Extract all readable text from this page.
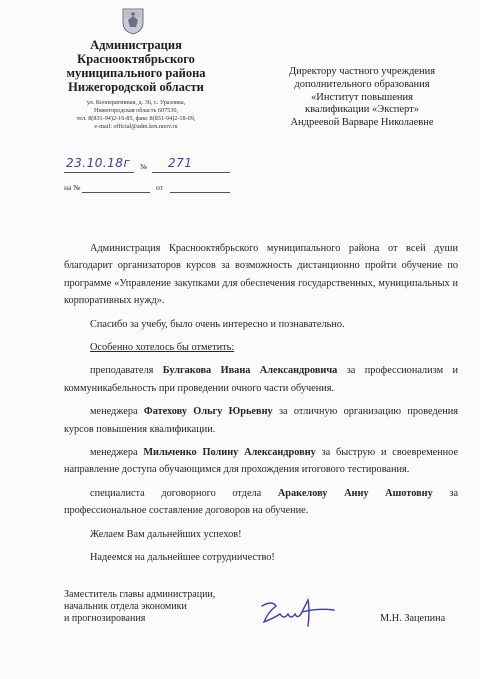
Администрация
Краснооктябрьского
муниципального района
Нижегородской области
ул. Кооперативная, д. 36, с. Уразовка,
Нижегородская область 607530,
тел. 8(831-94)2-16-85, факс 8(831-94)2-18-09,
e-mail: official@adm.krn.nnov.ru
23.10.18г № 271
на №	от
Директору частного учреждения
дополнительного образования
«Институт повышения
квалификации «Эксперт»
Андреевой Варваре Николаевне

Администрация Краснооктябрьского муниципального района от всей души благодарит организаторов курсов за возможность дистанционно пройти обучение по программе «Управление закупками для обеспечения государственных, муниципальных и корпоративных нужд».

Спасибо за учебу, было очень интересно и познавательно.

Особенно хотелось бы отметить:

преподавателя Булгакова Ивана Александровича за профессионализм и коммуникабельность при проведении очного части обучения.

менеджера Фатехову Ольгу Юрьевну за отличную организацию проведения курсов повышения квалификации.

менеджера Мильченко Полину Александровну за быструю и своевременное направление доступа обучающимся для прохождения итогового тестирования.

специалиста договорного отдела Аракелову Анну Ашотовну за профессиональное составление договоров на обучение.

Желаем Вам дальнейших успехов!

Надеемся на дальнейшее сотрудничество!

Заместитель главы администрации,
начальник отдела экономики
и прогнозирования	М.Н. Зацепина
